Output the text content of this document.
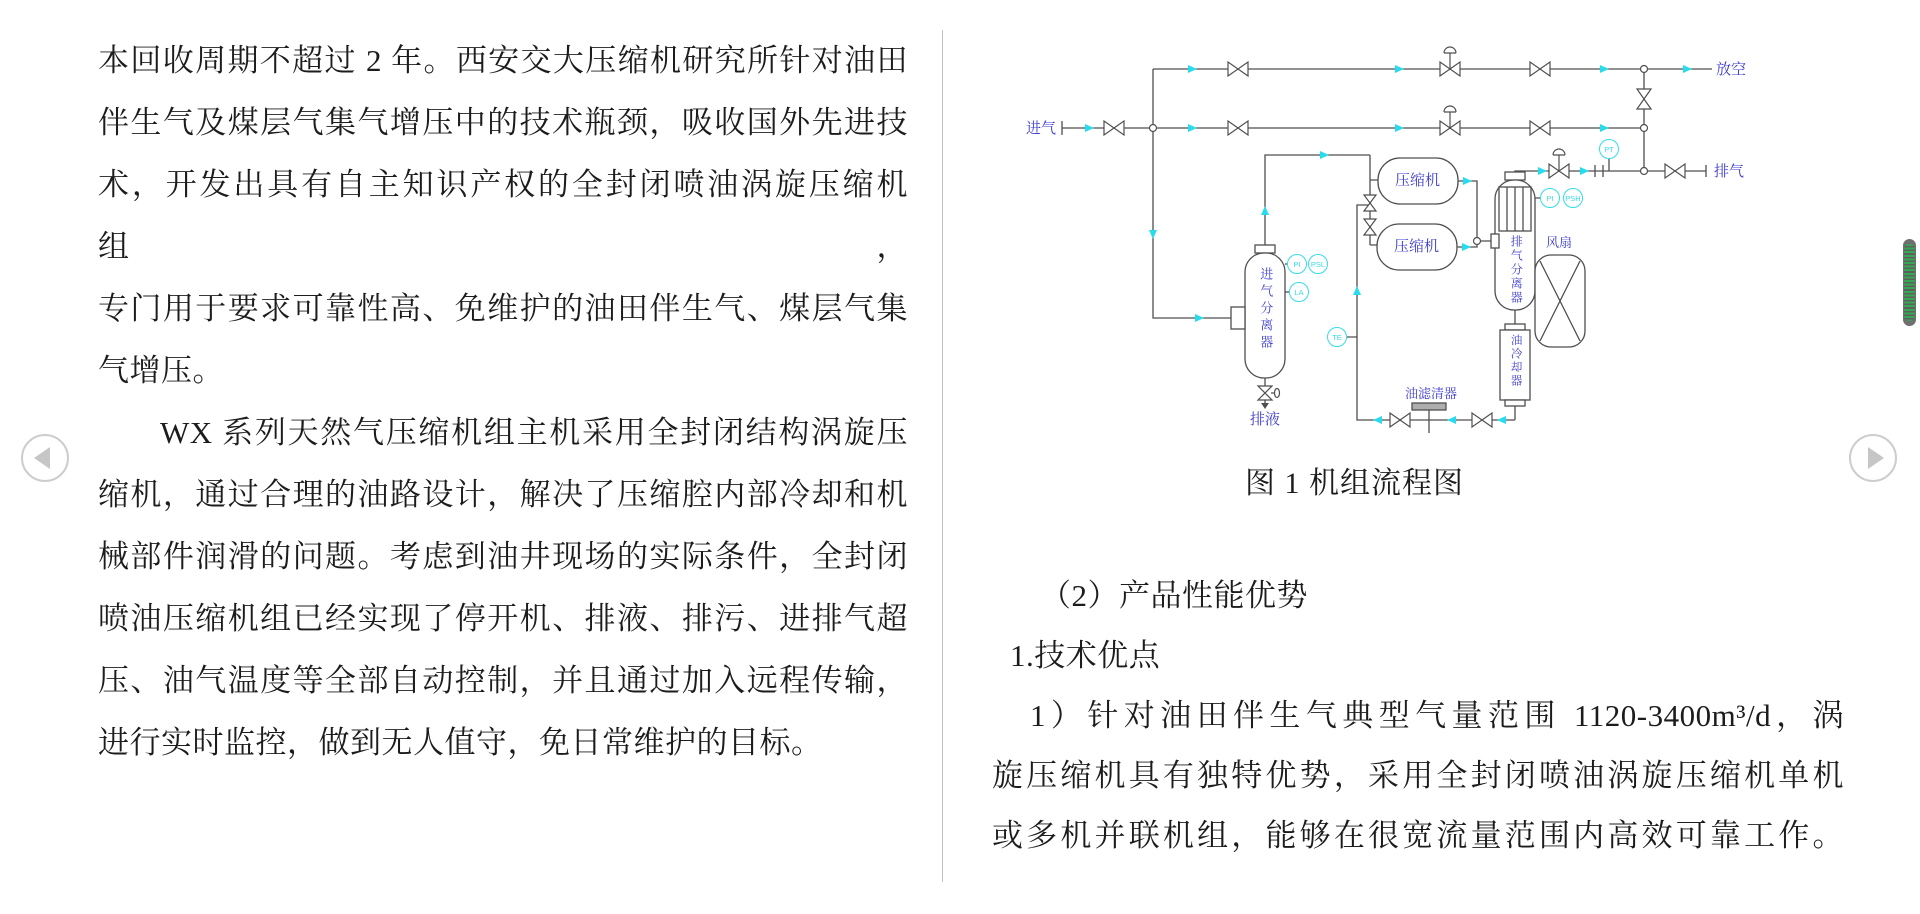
本回收周期不超过 2 年。西安交大压缩机研究所针对油田
伴生气及煤层气集气增压中的技术瓶颈，吸收国外先进技
术，开发出具有自主知识产权的全封闭喷油涡旋压缩机组，
专门用于要求可靠性高、免维护的油田伴生气、煤层气集
气增压。
WX 系列天然气压缩机组主机采用全封闭结构涡旋压
缩机，通过合理的油路设计，解决了压缩腔内部冷却和机
械部件润滑的问题。考虑到油井现场的实际条件，全封闭
喷油压缩机组已经实现了停开机、排液、排污、进排气超
压、油气温度等全部自动控制，并且通过加入远程传输，
进行实时监控，做到无人值守，免日常维护的目标。
进气
放空
排气
排液
压缩机
压缩机
进气分离器	排气分离器 风扇
油冷却器
油滤清器
PI	PSL
LA
TE
PI	PSH
PT
图 1 机组流程图
（2）产品性能优势
1.技术优点
1）针对油田伴生气典型气量范围 1120-3400m³/d，涡
旋压缩机具有独特优势，采用全封闭喷油涡旋压缩机单机
或多机并联机组，能够在很宽流量范围内高效可靠工作。
